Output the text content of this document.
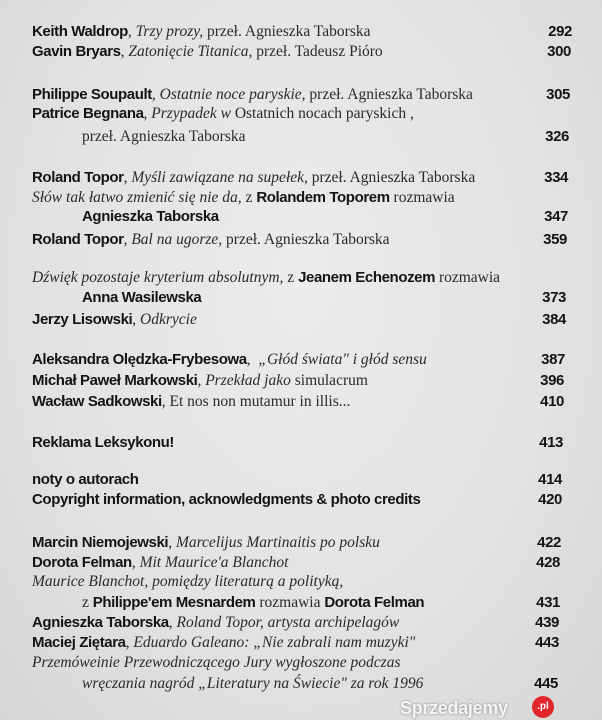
Keith Waldrop, Trzy prozy, przeł. Agnieszka Taborska	292
Gavin Bryars, Zatonięcie Titanica, przeł. Tadeusz Pióro	300
Philippe Soupault, Ostatnie noce paryskie, przeł. Agnieszka Taborska	305
Patrice Begnana, Przypadek w Ostatnich nocach paryskich ,
przeł. Agnieszka Taborska	326
Roland Topor, Myśli zawiązane na supełek, przeł. Agnieszka Taborska	334
Słów tak łatwo zmienić się nie da, z Rolandem Toporem rozmawia
Agnieszka Taborska	347
Roland Topor, Bal na ugorze, przeł. Agnieszka Taborska	359
Dźwięk pozostaje kryterium absolutnym, z Jeanem Echenozem rozmawia
Anna Wasilewska	373
Jerzy Lisowski, Odkrycie	384
Aleksandra Olędzka-Frybesowa,  „Głód świata" i głód sensu	387
Michał Paweł Markowski, Przekład jako simulacrum	396
Wacław Sadkowski, Et nos non mutamur in illis...	410
Reklama Leksykonu!	413
noty o autorach	414
Copyright information, acknowledgments & photo credits	420
Marcin Niemojewski, Marcelijus Martinaitis po polsku	422
Dorota Felman, Mit Maurice'a Blanchot	428
Maurice Blanchot, pomiędzy literaturą a polityką,
z Philippe'em Mesnardem rozmawia Dorota Felman	431
Agnieszka Taborska, Roland Topor, artysta archipelagów	439
Maciej Ziętara, Eduardo Galeano: „Nie zabrali nam muzyki"	443
Przemóweinie Przewodniczącego Jury wygłoszone podczas
wręczania nagród „Literatury na Świecie" za rok 1996	445
Sprzedajemy	.pl
